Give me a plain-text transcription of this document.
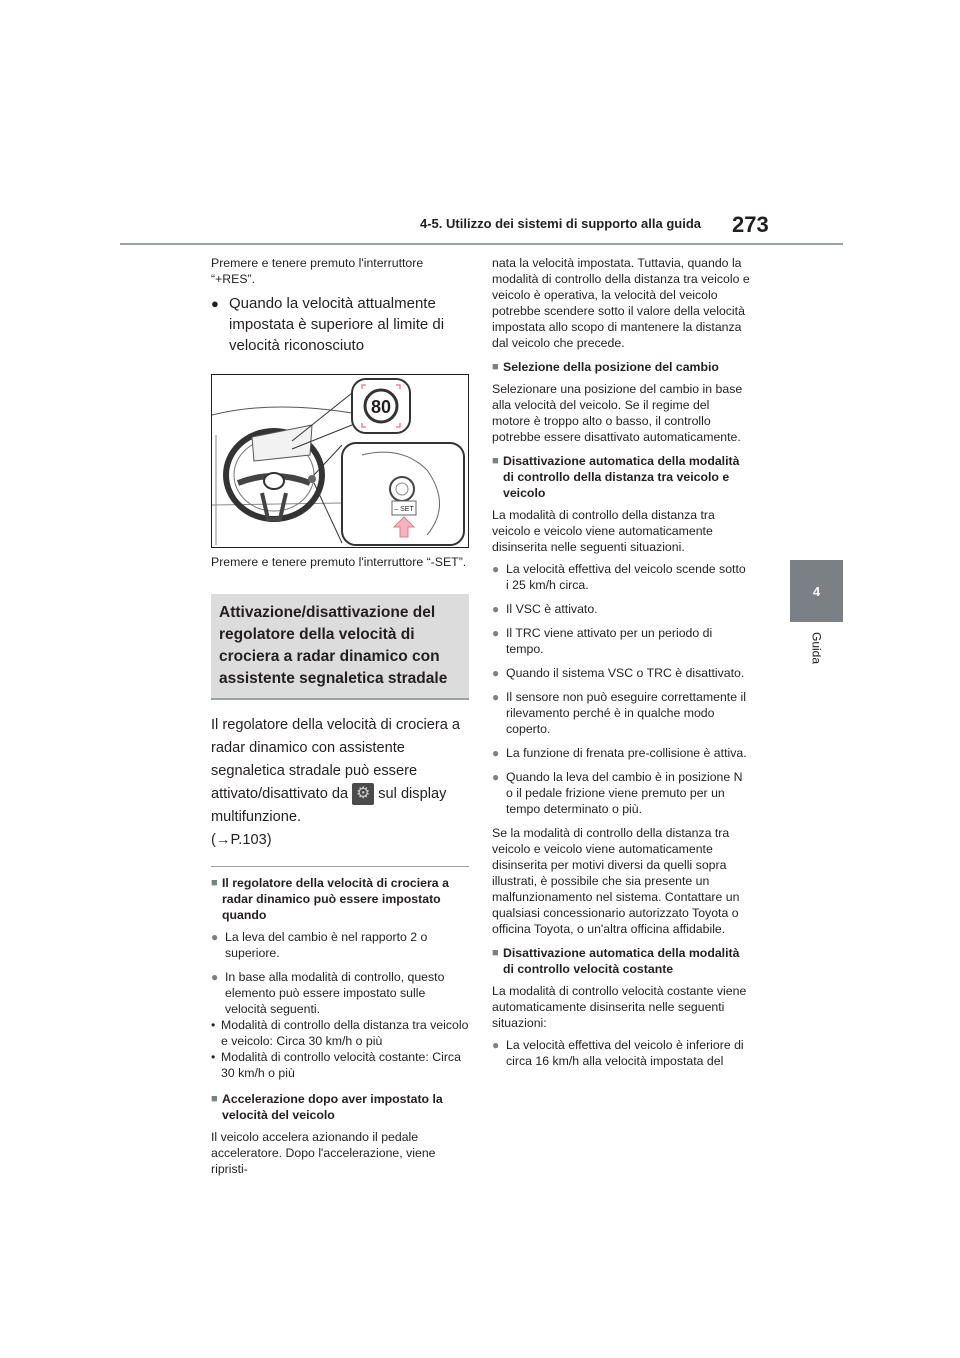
4-5. Utilizzo dei sistemi di supporto alla guida 273
4
Guida

Premere e tenere premuto l'interruttore “+RES”.

● Quando la velocità attualmente impostata è superiore al limite di velocità riconosciuto
80
– SET

Premere e tenere premuto l'interruttore “-SET”.

Attivazione/disattivazione del regolatore della velocità di crociera a radar dinamico con assistente segnaletica stradale
Il regolatore della velocità di crociera a radar dinamico con assistente segnaletica stradale può essere attivato/disattivato da ⚙ sul display multifunzione.
(→P.103)
■ Il regolatore della velocità di crociera a radar dinamico può essere impostato quando
● La leva del cambio è nel rapporto 2 o superiore.
● In base alla modalità di controllo, questo elemento può essere impostato sulle velocità seguenti.
• Modalità di controllo della distanza tra veicolo e veicolo: Circa 30 km/h o più
• Modalità di controllo velocità costante: Circa 30 km/h o più
■ Accelerazione dopo aver impostato la velocità del veicolo

Il veicolo accelera azionando il pedale acceleratore. Dopo l'accelerazione, viene ripristi-

nata la velocità impostata. Tuttavia, quando la modalità di controllo della distanza tra veicolo e veicolo è operativa, la velocità del veicolo potrebbe scendere sotto il valore della velocità impostata allo scopo di mantenere la distanza dal veicolo che precede.

■ Selezione della posizione del cambio

Selezionare una posizione del cambio in base alla velocità del veicolo. Se il regime del motore è troppo alto o basso, il controllo potrebbe essere disattivato automaticamente.

■ Disattivazione automatica della modalità di controllo della distanza tra veicolo e veicolo

La modalità di controllo della distanza tra veicolo e veicolo viene automaticamente disinserita nelle seguenti situazioni.

● La velocità effettiva del veicolo scende sotto i 25 km/h circa.
● Il VSC è attivato.
● Il TRC viene attivato per un periodo di tempo.
● Quando il sistema VSC o TRC è disattivato.
● Il sensore non può eseguire correttamente il rilevamento perché è in qualche modo coperto.
● La funzione di frenata pre-collisione è attiva.
● Quando la leva del cambio è in posizione N o il pedale frizione viene premuto per un tempo determinato o più.

Se la modalità di controllo della distanza tra veicolo e veicolo viene automaticamente disinserita per motivi diversi da quelli sopra illustrati, è possibile che sia presente un malfunzionamento nel sistema. Contattare un qualsiasi concessionario autorizzato Toyota o officina Toyota, o un'altra officina affidabile.

■ Disattivazione automatica della modalità di controllo velocità costante

La modalità di controllo velocità costante viene automaticamente disinserita nelle seguenti situazioni:

● La velocità effettiva del veicolo è inferiore di circa 16 km/h alla velocità impostata del
